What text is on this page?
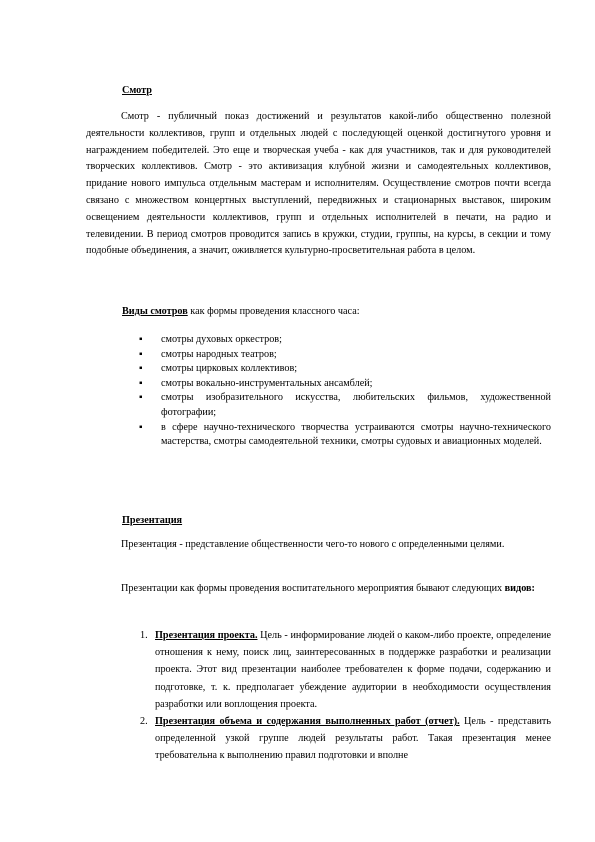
Смотр

Смотр - публичный показ достижений и результатов какой-либо общественно полезной деятельности коллективов, групп и отдельных людей с последующей оценкой достигнутого уровня и награждением победителей. Это еще и творческая учеба - как для участников, так и для руководителей творческих коллективов. Смотр - это активизация клубной жизни и самодеятельных коллективов, придание нового импульса отдельным мастерам и исполнителям. Осуществление смотров почти всегда связано с множеством концертных выступлений, передвижных и стационарных выставок, широким освещением деятельности коллективов, групп и отдельных исполнителей в печати, на радио и телевидении. В период смотров проводится запись в кружки, студии, группы, на курсы, в секции и тому подобные объединения, а значит, оживляется культурно-просветительная работа в целом.

Виды смотров как формы проведения классного часа:
▪ смотры духовых оркестров;
▪ смотры народных театров;
▪ смотры цирковых коллективов;
▪ смотры вокально-инструментальных ансамблей;
▪ смотры изобразительного искусства, любительских фильмов, художественной фотографии;
▪ в сфере научно-технического творчества устраиваются смотры научно-технического мастерства, смотры самодеятельной техники, смотры судовых и авиационных моделей.
Презентация

Презентация - представление общественности чего-то нового с определенными целями.

Презентации как формы проведения воспитательного мероприятия бывают следующих видов:

1. Презентация проекта. Цель - информирование людей о каком-либо проекте, определение отношения к нему, поиск лиц, заинтересованных в поддержке разработки и реализации проекта. Этот вид презентации наиболее требователен к форме подачи, содержанию и подготовке, т. к. предполагает убеждение аудитории в необходимости осуществления разработки или воплощения проекта.
2. Презентация объема и содержания выполненных работ (отчет). Цель - представить определенной узкой группе людей результаты работ. Такая презентация менее требовательна к выполнению правил подготовки и вполне
